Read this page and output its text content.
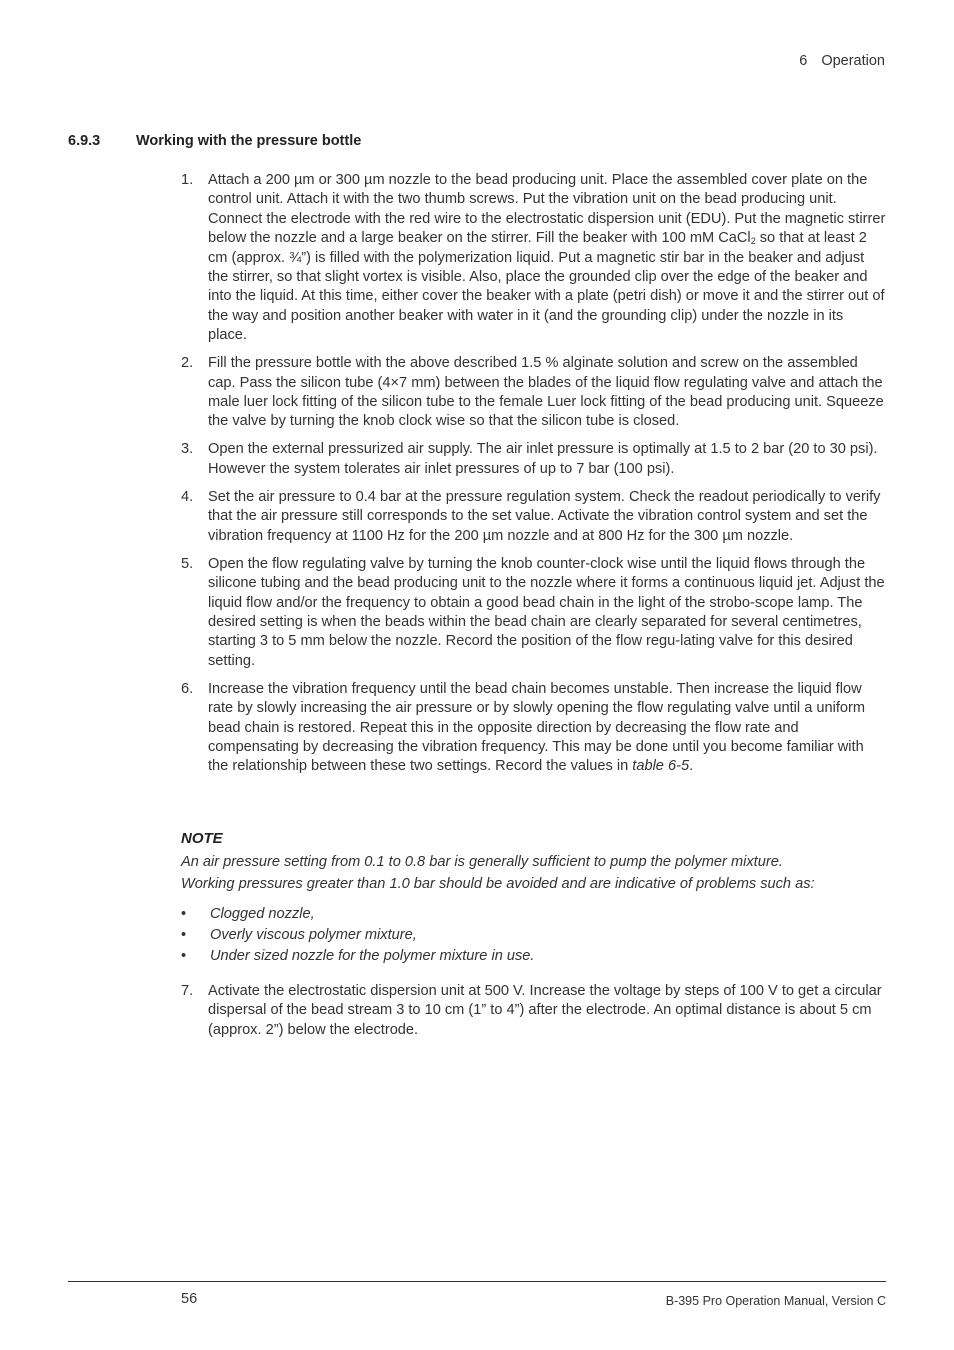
6 Operation
6.9.3 Working with the pressure bottle
1.	Attach a 200 µm or 300 µm nozzle to the bead producing unit. Place the assembled cover plate on the control unit. Attach it with the two thumb screws. Put the vibration unit on the bead producing unit. Connect the electrode with the red wire to the electrostatic dispersion unit (EDU). Put the magnetic stirrer below the nozzle and a large beaker on the stirrer. Fill the beaker with 100 mM CaCl$_2$ so that at least 2 cm (approx. ¾”) is filled with the polymerization liquid. Put a magnetic stir bar in the beaker and adjust the stirrer, so that slight vortex is visible. Also, place the grounded clip over the edge of the beaker and into the liquid. At this time, either cover the beaker with a plate (petri dish) or move it and the stirrer out of the way and position another beaker with water in it (and the grounding clip) under the nozzle in its place.
2.	Fill the pressure bottle with the above described 1.5 % alginate solution and screw on the assembled cap. Pass the silicon tube (4×7 mm) between the blades of the liquid flow regulating valve and attach the male luer lock fitting of the silicon tube to the female Luer lock fitting of the bead producing unit. Squeeze the valve by turning the knob clock wise so that the silicon tube is closed.
3.	Open the external pressurized air supply. The air inlet pressure is optimally at 1.5 to 2 bar (20 to 30 psi). However the system tolerates air inlet pressures of up to 7 bar (100 psi).
4.	Set the air pressure to 0.4 bar at the pressure regulation system. Check the readout periodically to verify that the air pressure still corresponds to the set value. Activate the vibration control system and set the vibration frequency at 1100 Hz for the 200 µm nozzle and at 800 Hz for the 300 µm nozzle.
5.	Open the flow regulating valve by turning the knob counter-clock wise until the liquid flows through the silicone tubing and the bead producing unit to the nozzle where it forms a continuous liquid jet. Adjust the liquid flow and/or the frequency to obtain a good bead chain in the light of the strobo-scope lamp. The desired setting is when the beads within the bead chain are clearly separated for several centimetres, starting 3 to 5 mm below the nozzle. Record the position of the flow regu-lating valve for this desired setting.
6.	Increase the vibration frequency until the bead chain becomes unstable. Then increase the liquid flow rate by slowly increasing the air pressure or by slowly opening the flow regulating valve until a uniform bead chain is restored. Repeat this in the opposite direction by decreasing the flow rate and compensating by decreasing the vibration frequency. This may be done until you become familiar with the relationship between these two settings. Record the values in table 6-5.
NOTE
An air pressure setting from 0.1 to 0.8 bar is generally sufficient to pump the polymer mixture.
Working pressures greater than 1.0 bar should be avoided and are indicative of problems such as:
•	Clogged nozzle,
•	Overly viscous polymer mixture,
•	Under sized nozzle for the polymer mixture in use.
7.	Activate the electrostatic dispersion unit at 500 V. Increase the voltage by steps of 100 V to get a circular dispersal of the bead stream 3 to 10 cm (1” to 4”) after the electrode. An optimal distance is about 5 cm (approx. 2”) below the electrode.
56	B-395 Pro Operation Manual, Version C
